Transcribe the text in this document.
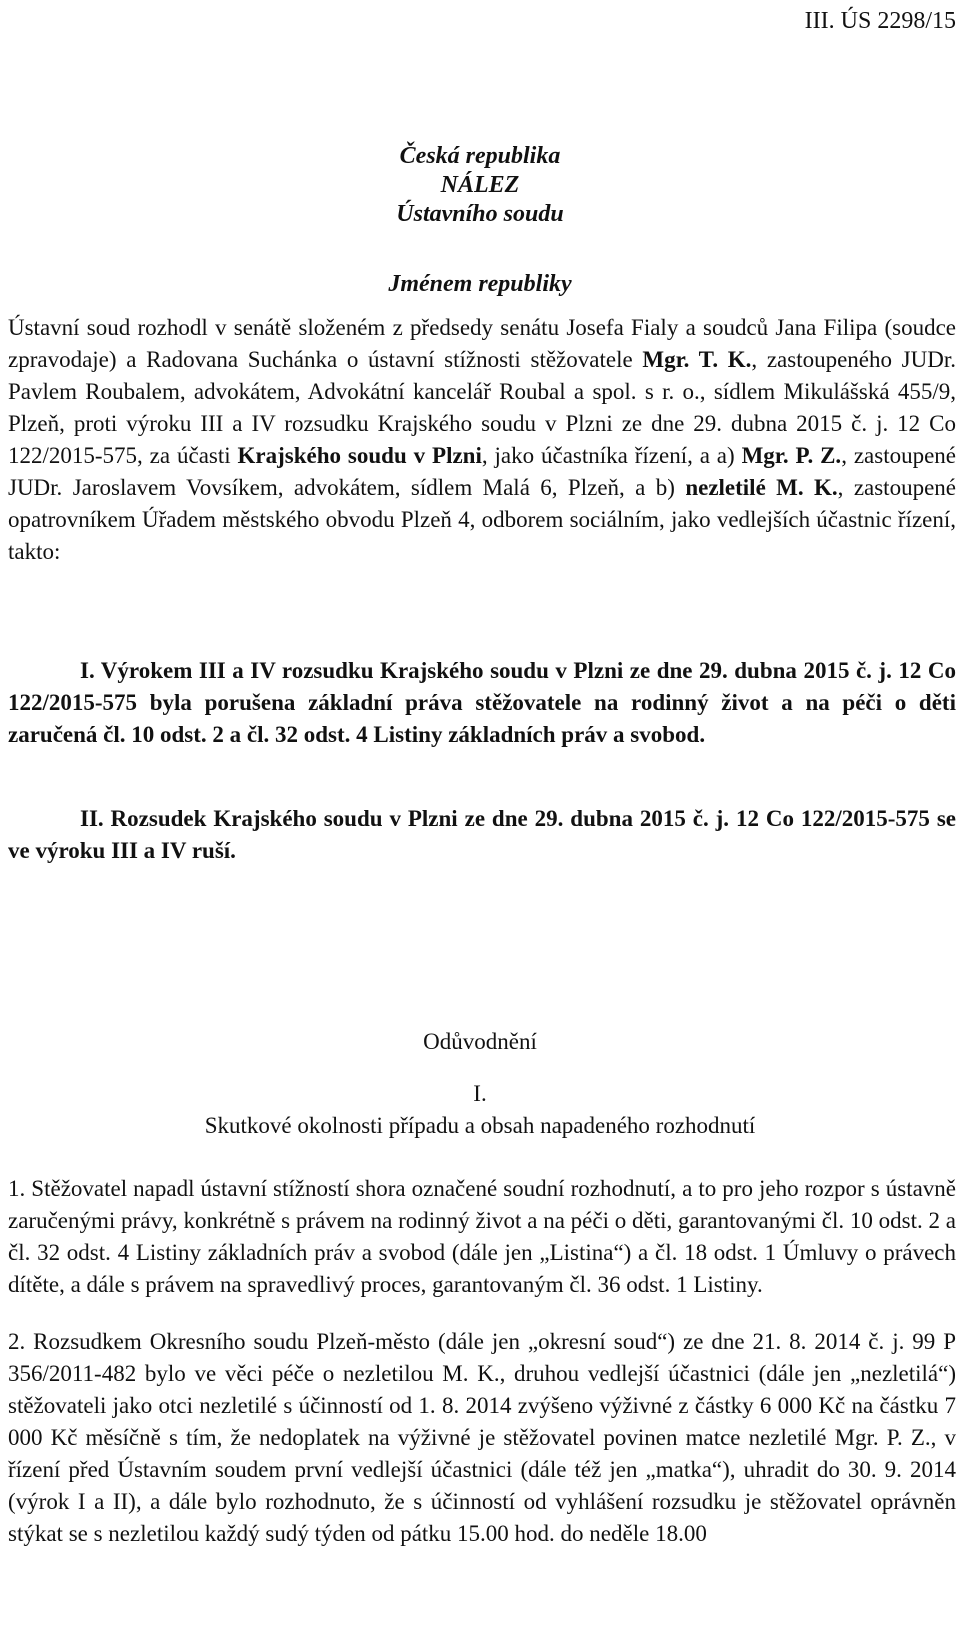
III. ÚS 2298/15

Česká republika

NÁLEZ

Ústavního soudu

Jménem republiky

Ústavní soud rozhodl v senátě složeném z předsedy senátu Josefa Fialy a soudců Jana Filipa (soudce zpravodaje) a Radovana Suchánka o ústavní stížnosti stěžovatele Mgr. T. K., zastoupeného JUDr. Pavlem Roubalem, advokátem, Advokátní kancelář Roubal a spol. s r. o., sídlem Mikulášská 455/9, Plzeň, proti výroku III a IV rozsudku Krajského soudu v Plzni ze dne 29. dubna 2015 č. j. 12 Co 122/2015-575, za účasti Krajského soudu v Plzni, jako účastníka řízení, a a) Mgr. P. Z., zastoupené JUDr. Jaroslavem Vovsíkem, advokátem, sídlem Malá 6, Plzeň, a b) nezletilé M. K., zastoupené opatrovníkem Úřadem městského obvodu Plzeň 4, odborem sociálním, jako vedlejších účastnic řízení, takto:

I. Výrokem III a IV rozsudku Krajského soudu v Plzni ze dne 29. dubna 2015 č. j. 12 Co 122/2015-575 byla porušena základní práva stěžovatele na rodinný život a na péči o děti zaručená čl. 10 odst. 2 a čl. 32 odst. 4 Listiny základních práv a svobod.

II. Rozsudek Krajského soudu v Plzni ze dne 29. dubna 2015 č. j. 12 Co 122/2015-575 se ve výroku III a IV ruší.

Odůvodnění

I.

Skutkové okolnosti případu a obsah napadeného rozhodnutí

1. Stěžovatel napadl ústavní stížností shora označené soudní rozhodnutí, a to pro jeho rozpor s ústavně zaručenými právy, konkrétně s právem na rodinný život a na péči o děti, garantovanými čl. 10 odst. 2 a čl. 32 odst. 4 Listiny základních práv a svobod (dále jen „Listina“) a čl. 18 odst. 1 Úmluvy o právech dítěte, a dále s právem na spravedlivý proces, garantovaným čl. 36 odst. 1 Listiny.

2. Rozsudkem Okresního soudu Plzeň-město (dále jen „okresní soud“) ze dne 21. 8. 2014 č. j. 99 P 356/2011-482 bylo ve věci péče o nezletilou M. K., druhou vedlejší účastnici (dále jen „nezletilá“) stěžovateli jako otci nezletilé s účinností od 1. 8. 2014 zvýšeno výživné z částky 6 000 Kč na částku 7 000 Kč měsíčně s tím, že nedoplatek na výživné je stěžovatel povinen matce nezletilé Mgr. P. Z., v řízení před Ústavním soudem první vedlejší účastnici (dále též jen „matka“), uhradit do 30. 9. 2014 (výrok I a II), a dále bylo rozhodnuto, že s účinností od vyhlášení rozsudku je stěžovatel oprávněn stýkat se s nezletilou každý sudý týden od pátku 15.00 hod. do neděle 18.00
